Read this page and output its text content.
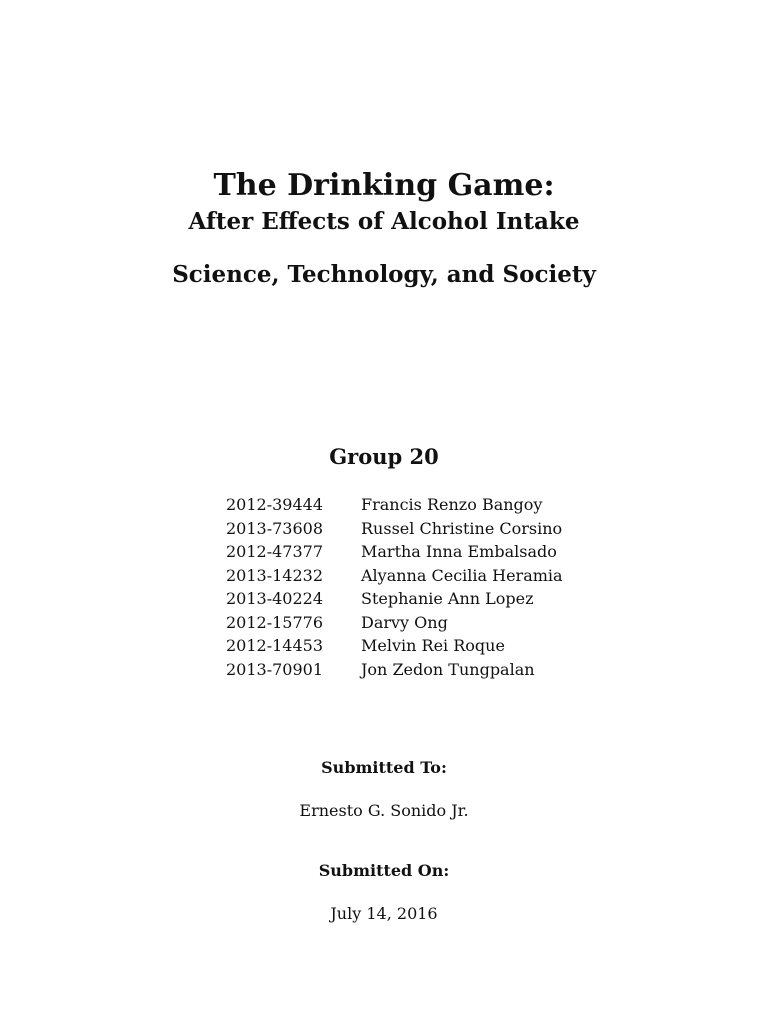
The Drinking Game:
After Effects of Alcohol Intake
Science, Technology, and Society
Group 20
2012-39444	Francis Renzo Bangoy
2013-73608	Russel Christine Corsino
2012-47377	Martha Inna Embalsado
2013-14232	Alyanna Cecilia Heramia
2013-40224	Stephanie Ann Lopez
2012-15776	Darvy Ong
2012-14453	Melvin Rei Roque
2013-70901	Jon Zedon Tungpalan
Submitted To:
Ernesto G. Sonido Jr.
Submitted On:
July 14, 2016
